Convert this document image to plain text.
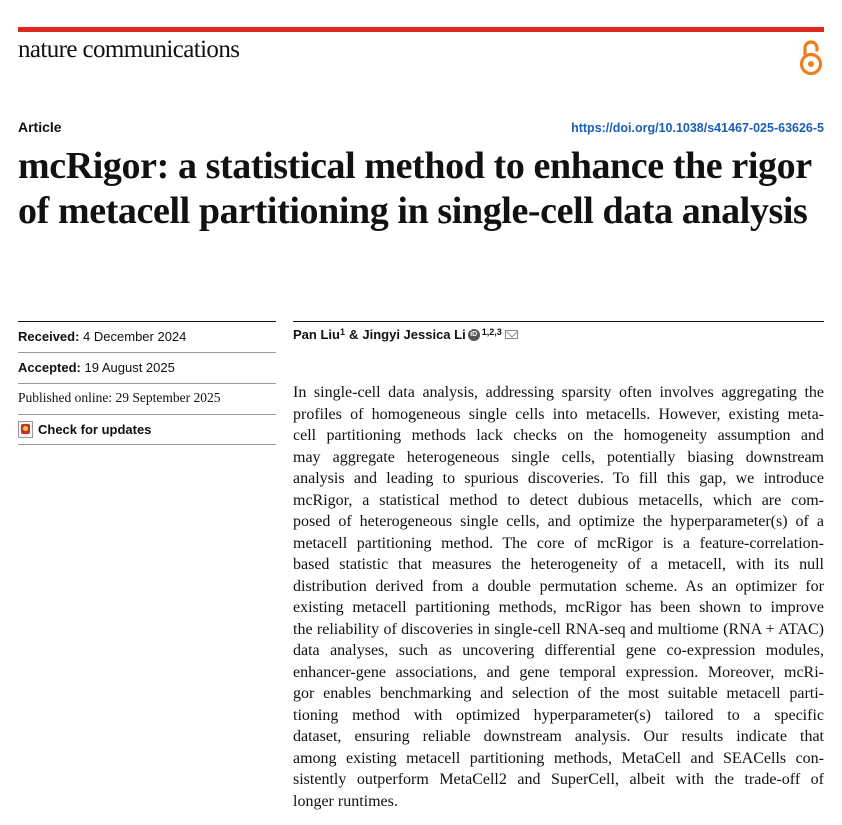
nature communications
Article	https://doi.org/10.1038/s41467-025-63626-5
mcRigor: a statistical method to enhance the rigor of metacell partitioning in single-cell data analysis
Received: 4 December 2024
Accepted: 19 August 2025
Published online: 29 September 2025
Check for updates
Pan Liu$^1$ & Jingyi Jessica Li iD $^{1,2,3}$
In single-cell data analysis, addressing sparsity often involves aggregating the
profiles of homogeneous single cells into metacells. However, existing meta-
cell partitioning methods lack checks on the homogeneity assumption and
may aggregate heterogeneous single cells, potentially biasing downstream
analysis and leading to spurious discoveries. To fill this gap, we introduce
mcRigor, a statistical method to detect dubious metacells, which are com-
posed of heterogeneous single cells, and optimize the hyperparameter(s) of a
metacell partitioning method. The core of mcRigor is a feature-correlation-
based statistic that measures the heterogeneity of a metacell, with its null
distribution derived from a double permutation scheme. As an optimizer for
existing metacell partitioning methods, mcRigor has been shown to improve
the reliability of discoveries in single-cell RNA-seq and multiome (RNA + ATAC)
data analyses, such as uncovering differential gene co-expression modules,
enhancer-gene associations, and gene temporal expression. Moreover, mcRi-
gor enables benchmarking and selection of the most suitable metacell parti-
tioning method with optimized hyperparameter(s) tailored to a specific
dataset, ensuring reliable downstream analysis. Our results indicate that
among existing metacell partitioning methods, MetaCell and SEACells con-
sistently outperform MetaCell2 and SuperCell, albeit with the trade-off of
longer runtimes.
